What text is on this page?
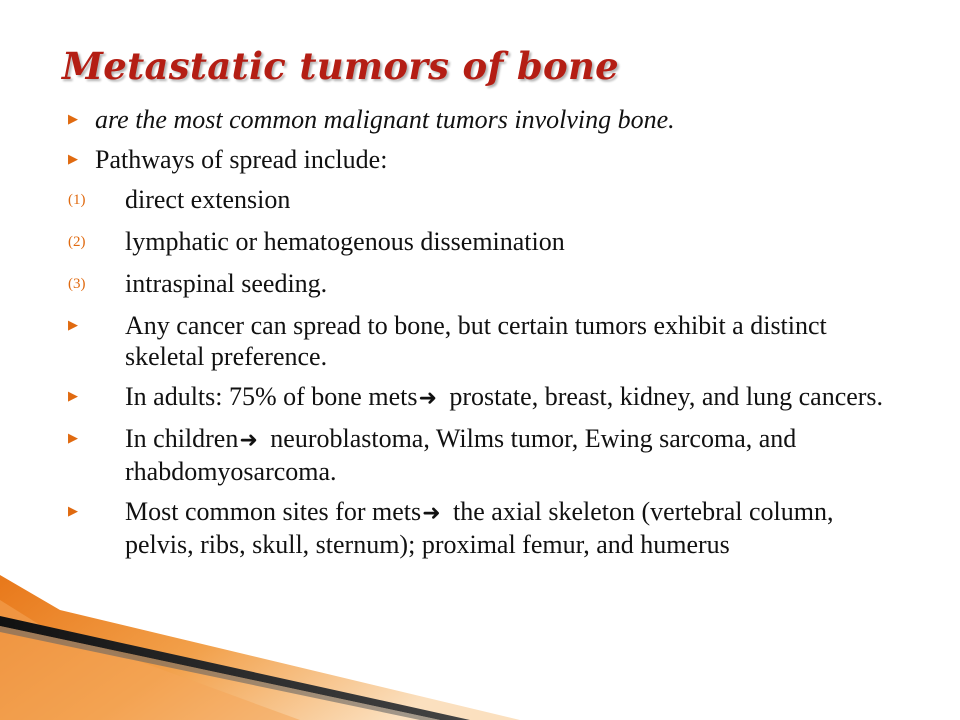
Metastatic tumors of bone
▶ are the most common malignant tumors involving bone.
▶ Pathways of spread include:
(1)	direct extension
(2)	lymphatic or hematogenous dissemination
(3)	intraspinal seeding.
▶	Any cancer can spread to bone, but certain tumors exhibit a distinct skeletal preference.
▶	In adults: 75% of bone mets➜ prostate, breast, kidney, and lung cancers.
▶	In children➜ neuroblastoma, Wilms tumor, Ewing sarcoma, and rhabdomyosarcoma.
▶	Most common sites for mets➜ the axial skeleton (vertebral column, pelvis, ribs, skull, sternum); proximal femur, and humerus
